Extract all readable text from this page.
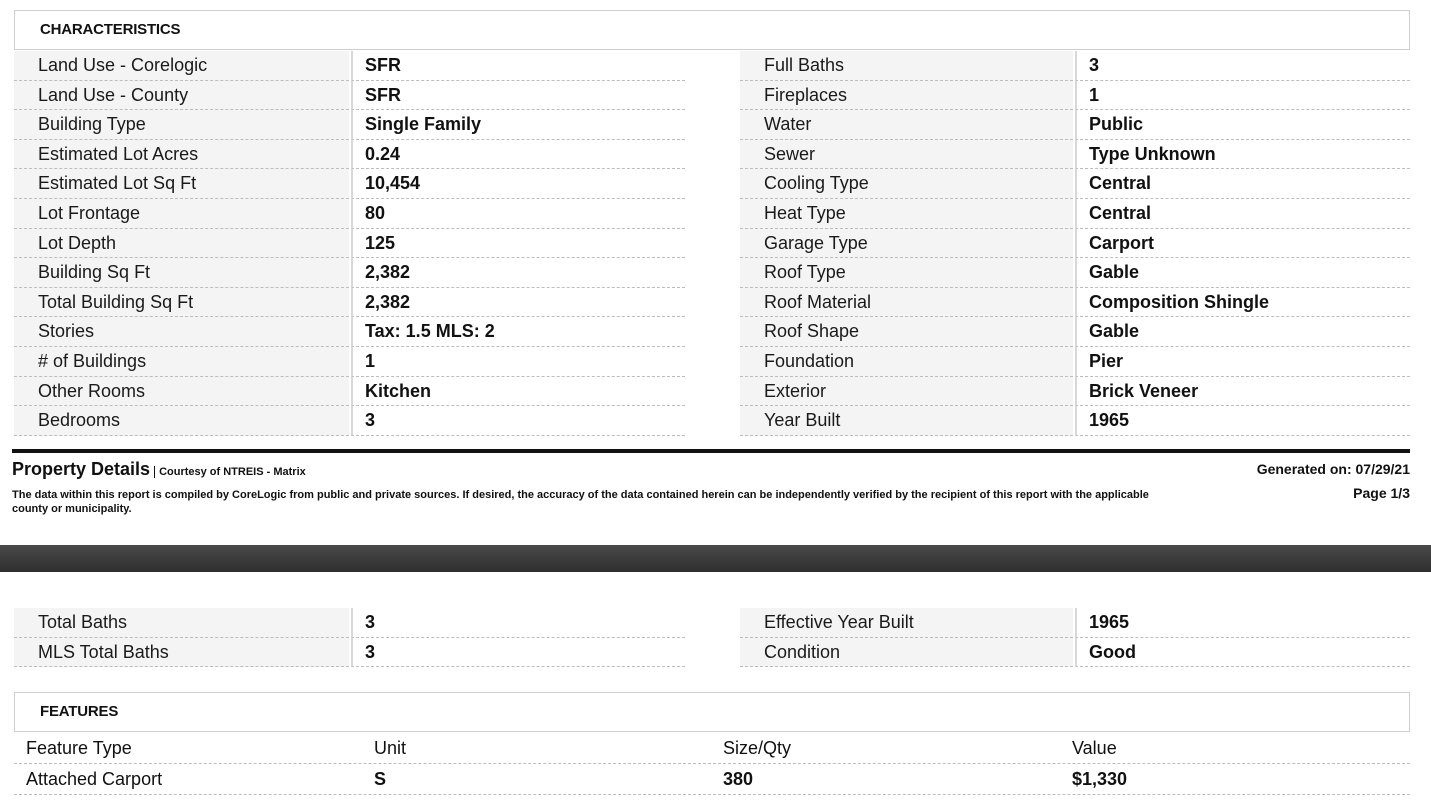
CHARACTERISTICS
Land Use - Corelogic	SFR	Full Baths	3
Land Use - County	SFR	Fireplaces	1
Building Type	Single Family	Water	Public
Estimated Lot Acres	0.24	Sewer	Type Unknown
Estimated Lot Sq Ft	10,454	Cooling Type	Central
Lot Frontage	80	Heat Type	Central
Lot Depth	125	Garage Type	Carport
Building Sq Ft	2,382	Roof Type	Gable
Total Building Sq Ft	2,382	Roof Material	Composition Shingle
Stories	Tax: 1.5 MLS: 2	Roof Shape	Gable
# of Buildings	1	Foundation	Pier
Other Rooms	Kitchen	Exterior	Brick Veneer
Bedrooms	3	Year Built	1965
Property Details Courtesy of NTREIS - Matrix	Generated on: 07/29/21
Page 1/3
The data within this report is compiled by CoreLogic from public and private sources. If desired, the accuracy of the data contained herein can be independently verified by the recipient of this report with the applicable county or municipality.
Total Baths	3	Effective Year Built	1965
MLS Total Baths	3	Condition	Good
FEATURES
Feature Type	Unit	Size/Qty	Value
Attached Carport	S	380	$1,330
